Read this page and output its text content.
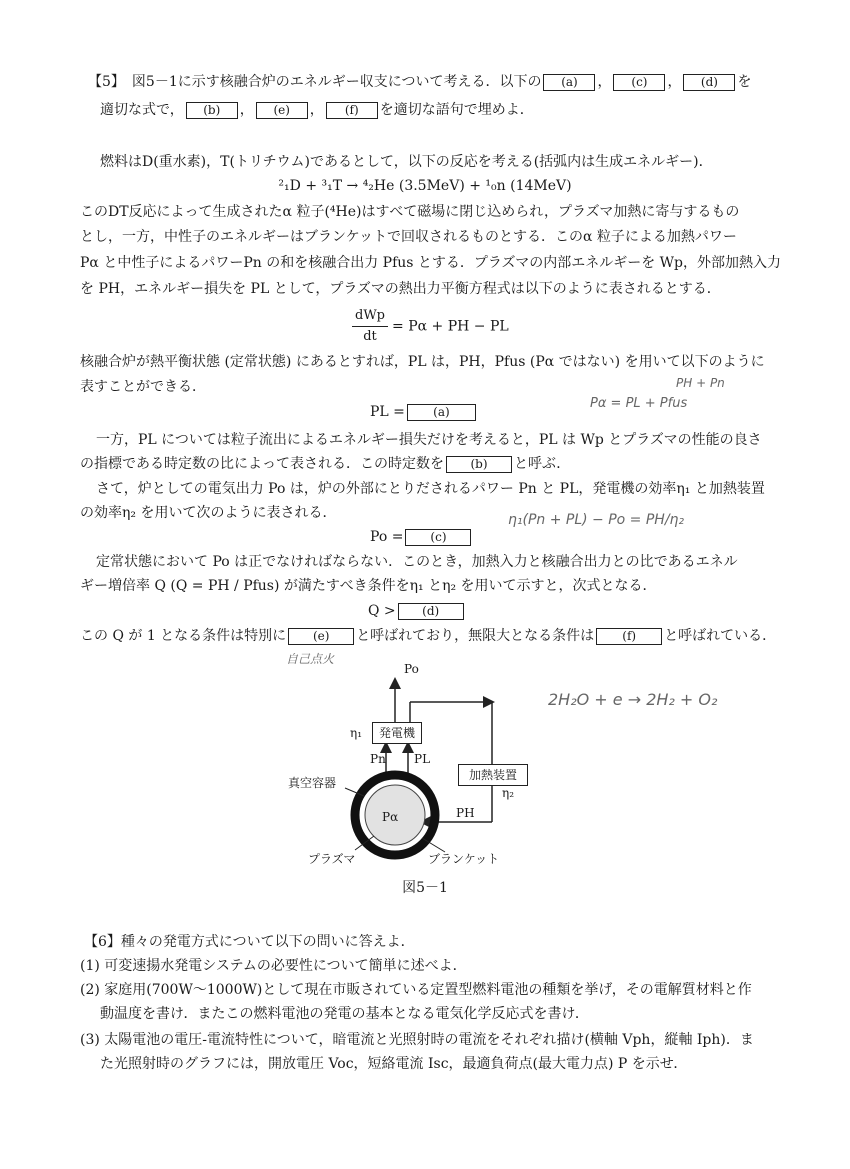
【5】　図5－1に示す核融合炉のエネルギー収支について考える．以下の (a) ， (c) ， (d) を
適切な式で， (b) ， (e) ， (f) を適切な語句で埋めよ．
燃料はD(重水素)，T(トリチウム)であるとして，以下の反応を考える(括弧内は生成エネルギー)．
²₁D + ³₁T → ⁴₂He (3.5MeV) + ¹₀n (14MeV)
このDT反応によって生成されたα 粒子(⁴He)はすべて磁場に閉じ込められ，プラズマ加熱に寄与するもの
とし，一方，中性子のエネルギーはブランケットで回収されるものとする．このα 粒子による加熱パワー
Pα と中性子によるパワーPn の和を核融合出力 Pfus とする．プラズマの内部エネルギーを Wp，外部加熱入力
を PH，エネルギー損失を PL として，プラズマの熱出力平衡方程式は以下のように表されるとする．
$\frac{\text{dWp}}{dt} = P\alpha$ + PH − PL
核融合炉が熱平衡状態 (定常状態) にあるとすれば，PL は，PH，Pfus (Pα ではない) を用いて以下のように
表すことができる．
PL = (a)
一方，PL については粒子流出によるエネルギー損失だけを考えると，PL は Wp とプラズマの性能の良さ
の指標である時定数の比によって表される．この時定数を (b) と呼ぶ．
さて，炉としての電気出力 Po は，炉の外部にとりだされるパワー Pn と PL，発電機の効率η₁ と加熱装置
の効率η₂ を用いて次のように表される．
Po = (c)
定常状態において Po は正でなければならない．このとき，加熱入力と核融合出力との比であるエネル
ギー増倍率 Q (Q = PH / Pfus) が満たすべき条件をη₁ とη₂ を用いて示すと，次式となる．
Q > (d)
この Q が 1 となる条件は特別に (e) と呼ばれており，無限大となる条件は (f) と呼ばれている．
Po
発電機
η₁
加熱装置
η₂
Pn PL
PH
Pα
真空容器
プラズマ	ブランケット
図5－1
【6】種々の発電方式について以下の問いに答えよ．
(1) 可変速揚水発電システムの必要性について簡単に述べよ．
(2) 家庭用(700W～1000W)として現在市販されている定置型燃料電池の種類を挙げ，その電解質材料と作
動温度を書け．またこの燃料電池の発電の基本となる電気化学反応式を書け．
(3) 太陽電池の電圧-電流特性について，暗電流と光照射時の電流をそれぞれ描け(横軸 Vph，縦軸 Iph)．ま
た光照射時のグラフには，開放電圧 Voc，短絡電流 Isc，最適負荷点(最大電力点) P を示せ．
PH + Pn
Pα = PL + Pfus
η₁(Pn + PL) − Po = PH/η₂
2H₂O + e → 2H₂ + O₂
自己点火
